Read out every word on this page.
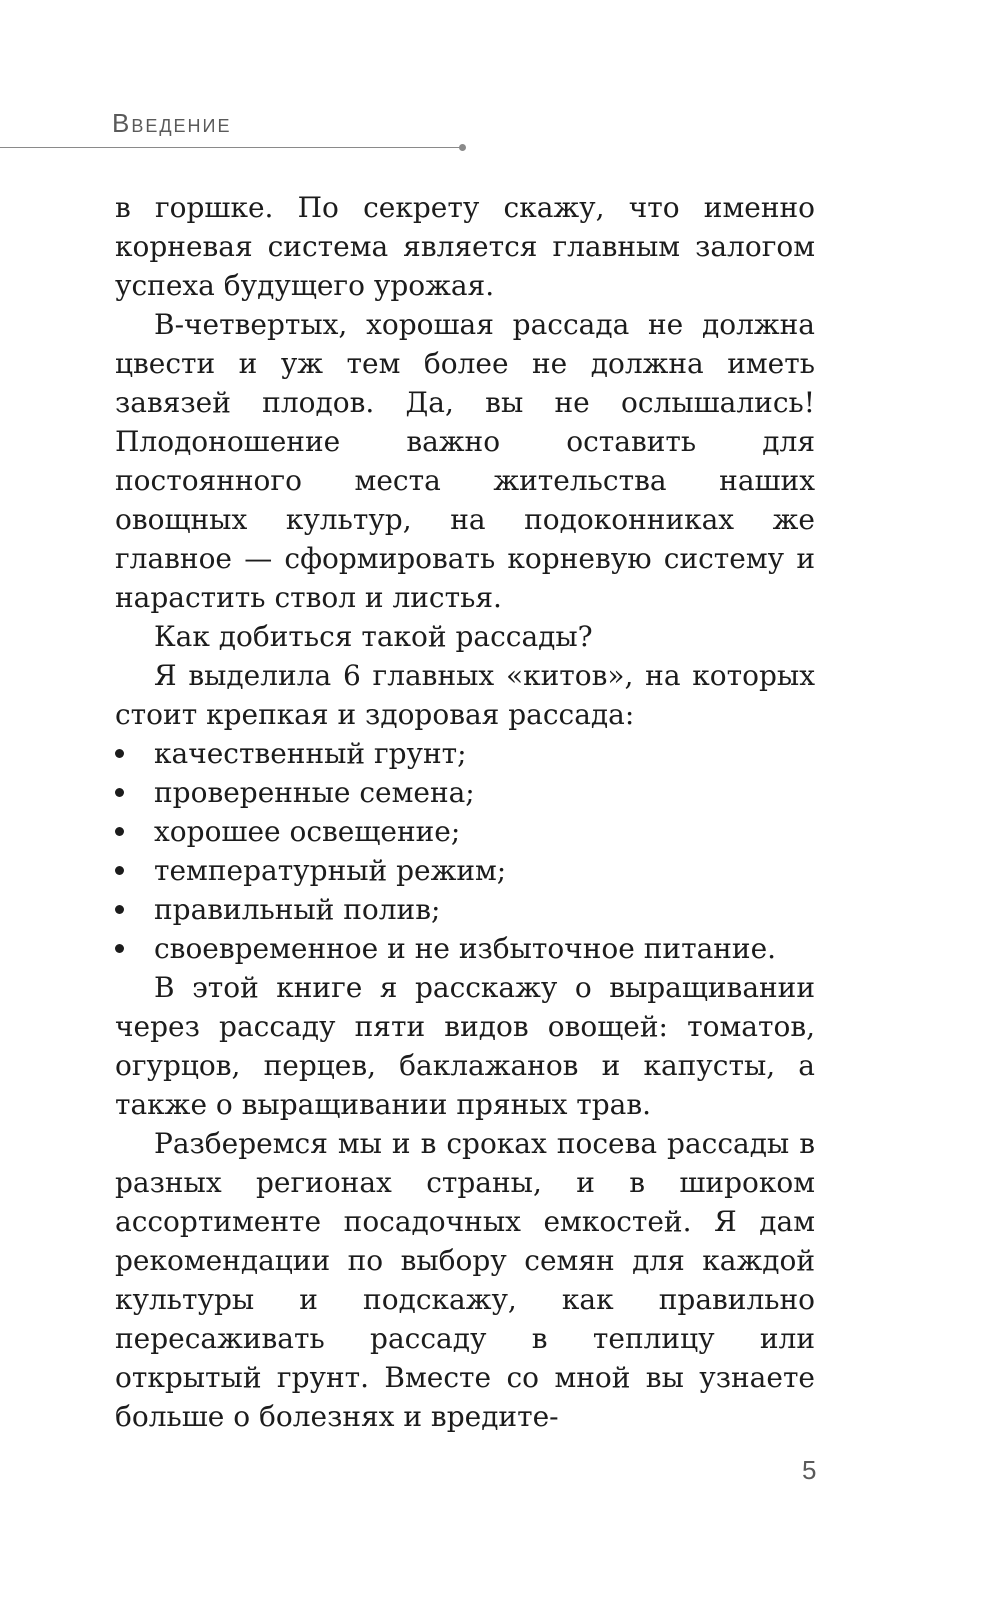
Введение

в горшке. По секрету скажу, что именно корневая система является главным залогом успеха будущего урожая.

В-четвертых, хорошая рассада не должна цвести и уж тем более не должна иметь завязей плодов. Да, вы не ослышались! Плодоношение важно оставить для постоянного места жительства наших овощных культур, на подоконниках же главное — сформировать корневую систему и нарастить ствол и листья.

Как добиться такой рассады?

Я выделила 6 главных «китов», на которых стоит крепкая и здоровая рассада:

качественный грунт;
проверенные семена;
хорошее освещение;
температурный режим;
правильный полив;
своевременное и не избыточное питание.

В этой книге я расскажу о выращивании через рассаду пяти видов овощей: томатов, огурцов, перцев, баклажанов и капусты, а также о выращивании пряных трав.

Разберемся мы и в сроках посева рассады в разных регионах страны, и в широком ассортименте посадочных емкостей. Я дам рекомендации по выбору семян для каждой культуры и подскажу, как правильно пересаживать рассаду в теплицу или открытый грунт. Вместе со мной вы узнаете больше о болезнях и вредите-

5
